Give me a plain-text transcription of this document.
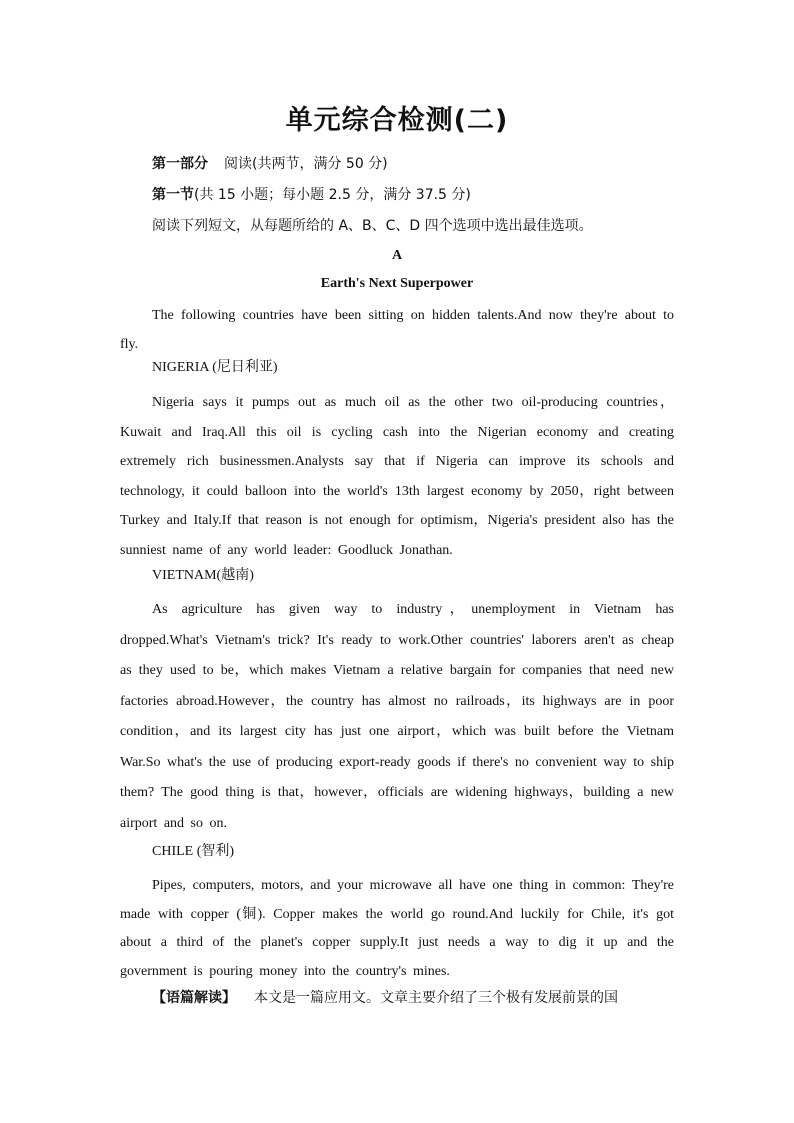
单元综合检测(二)
第一部分 阅读(共两节，满分 50 分)
第一节(共 15 小题；每小题 2.5 分，满分 37.5 分)
阅读下列短文，从每题所给的 A、B、C、D 四个选项中选出最佳选项。
A
Earth's Next Superpower

The following countries have been sitting on hidden talents.And now they're about to fly.

NIGERIA (尼日利亚)

Nigeria says it pumps out as much oil as the other two oil-producing countries，Kuwait and Iraq.All this oil is cycling cash into the Nigerian economy and creating extremely rich businessmen.Analysts say that if Nigeria can improve its schools and technology, it could balloon into the world's 13th largest economy by 2050，right between Turkey and Italy.If that reason is not enough for optimism，Nigeria's president also has the sunniest name of any world leader: Goodluck Jonathan.

VIETNAM(越南)

As agriculture has given way to industry，unemployment in Vietnam has dropped.What's Vietnam's trick? It's ready to work.Other countries' laborers aren't as cheap as they used to be，which makes Vietnam a relative bargain for companies that need new factories abroad.However，the country has almost no railroads，its highways are in poor condition，and its largest city has just one airport，which was built before the Vietnam War.So what's the use of producing export-ready goods if there's no convenient way to ship them? The good thing is that，however，officials are widening highways，building a new airport and so on.

CHILE (智利)

Pipes, computers, motors, and your microwave all have one thing in common: They're made with copper (铜). Copper makes the world go round.And luckily for Chile, it's got about a third of the planet's copper supply.It just needs a way to dig it up and the government is pouring money into the country's mines.

【语篇解读】 本文是一篇应用文。文章主要介绍了三个极有发展前景的国
